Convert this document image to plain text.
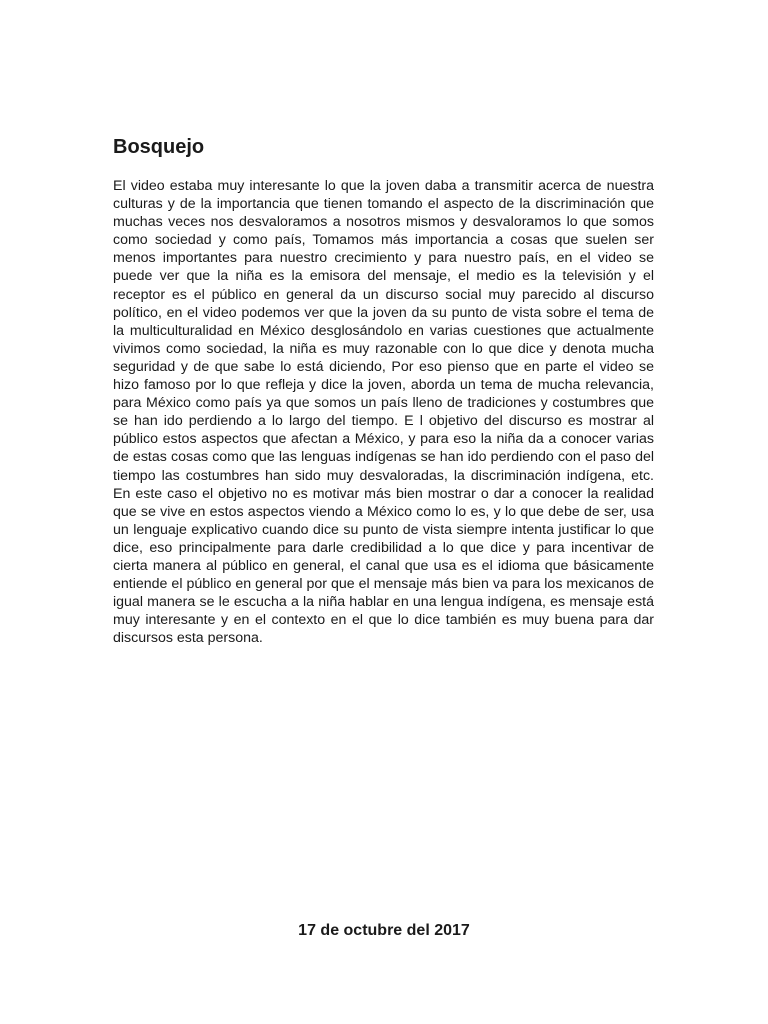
Bosquejo

El video estaba muy interesante lo que la joven daba a transmitir acerca de nuestra culturas y de la importancia que tienen tomando el aspecto de la discriminación que muchas veces nos desvaloramos a nosotros mismos y desvaloramos lo que somos como sociedad y como país, Tomamos más importancia a cosas que suelen ser menos importantes para nuestro crecimiento y para nuestro país, en el video se puede ver que la niña es la emisora del mensaje, el medio es la televisión y el receptor es el público en general da un discurso social muy parecido al discurso político, en el video podemos ver que la joven da su punto de vista sobre el tema de la multiculturalidad en México desglosándolo en varias cuestiones que actualmente vivimos como sociedad, la niña es muy razonable con lo que dice y denota mucha seguridad y de que sabe lo está diciendo, Por eso pienso que en parte el video se hizo famoso por lo que refleja y dice la joven, aborda un tema de mucha relevancia, para México como país ya que somos un país lleno de tradiciones y costumbres que se han ido perdiendo a lo largo del tiempo. E l objetivo del discurso es mostrar al público estos aspectos que afectan a México, y para eso la niña da a conocer varias de estas cosas como que las lenguas indígenas se han ido perdiendo con el paso del tiempo las costumbres han sido muy desvaloradas, la discriminación indígena, etc. En este caso el objetivo no es motivar más bien mostrar o dar a conocer la realidad que se vive en estos aspectos viendo a México como lo es, y lo que debe de ser, usa un lenguaje explicativo cuando dice su punto de vista siempre intenta justificar lo que dice, eso principalmente para darle credibilidad a lo que dice y para incentivar de cierta manera al público en general, el canal que usa es el idioma que básicamente entiende el público en general por que el mensaje más bien va para los mexicanos de igual manera se le escucha a la niña hablar en una lengua indígena, es mensaje está muy interesante y en el contexto en el que lo dice también es muy buena para dar discursos esta persona.

17 de octubre del 2017
